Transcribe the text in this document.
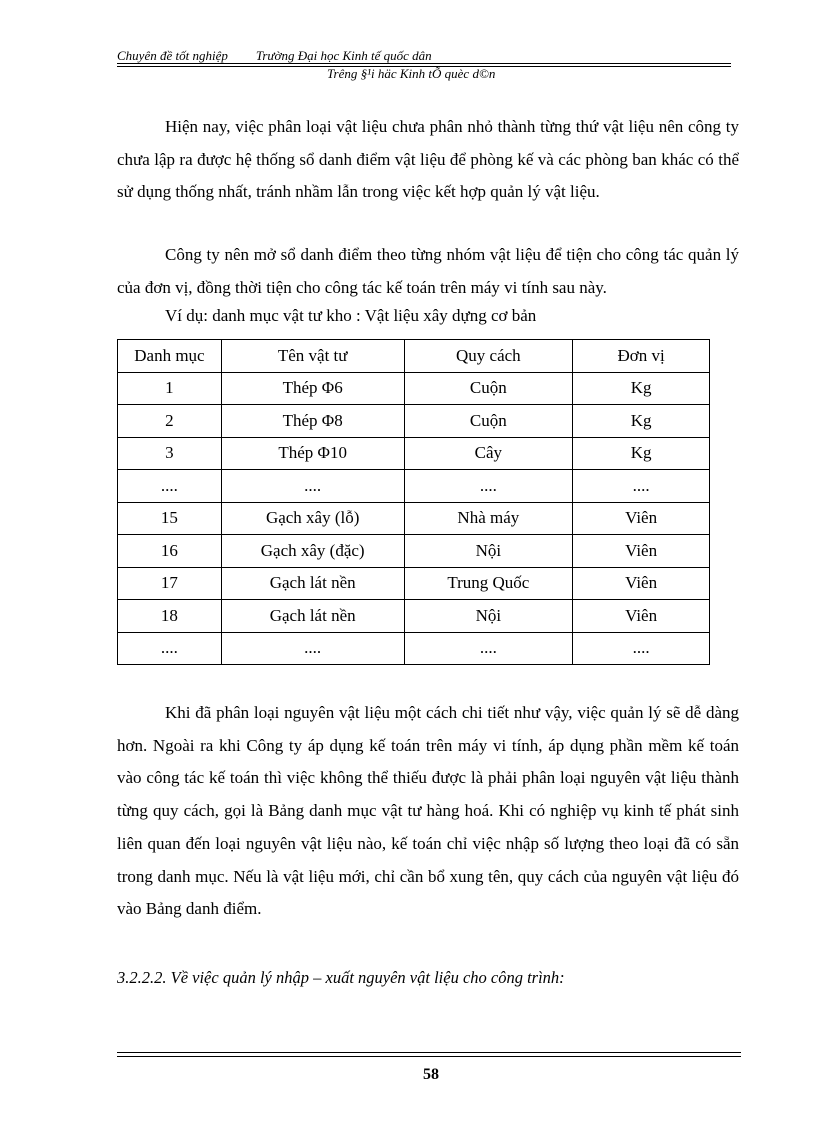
Chuyên đề tốt nghiệp Trường Đại học Kinh tế quốc dân
Trêng §¹i häc Kinh tÕ quèc d©n

Hiện nay, việc phân loại vật liệu chưa phân nhỏ thành từng thứ vật liệu nên công ty chưa lập ra được hệ thống sổ danh điểm vật liệu để phòng kế và các phòng ban khác có thể sử dụng thống nhất, tránh nhầm lẫn trong việc kết hợp quản lý vật liệu.

Công ty nên mở sổ danh điểm theo từng nhóm vật liệu để tiện cho công tác quản lý của đơn vị, đồng thời tiện cho công tác kế toán trên máy vi tính sau này.

Ví dụ: danh mục vật tư kho : Vật liệu xây dựng cơ bản

Danh mục	Tên vật tư	Quy cách	Đơn vị
1	Thép Φ6	Cuộn	Kg
2	Thép Φ8	Cuộn	Kg
3	Thép Φ10	Cây	Kg
....	....	....	....
15	Gạch xây (lỗ)	Nhà máy	Viên
16	Gạch xây (đặc)	Nội	Viên
17	Gạch lát nền	Trung Quốc	Viên
18	Gạch lát nền	Nội	Viên
....	....	....	....

Khi đã phân loại nguyên vật liệu một cách chi tiết như vậy, việc quản lý sẽ dễ dàng hơn. Ngoài ra khi Công ty áp dụng kế toán trên máy vi tính, áp dụng phần mềm kế toán vào công tác kế toán thì việc không thể thiếu được là phải phân loại nguyên vật liệu thành từng quy cách, gọi là Bảng danh mục vật tư hàng hoá. Khi có nghiệp vụ kinh tế phát sinh liên quan đến loại nguyên vật liệu nào, kế toán chỉ việc nhập số lượng theo loại đã có sẵn trong danh mục. Nếu là vật liệu mới, chỉ cần bổ xung tên, quy cách của nguyên vật liệu đó vào Bảng danh điểm.

3.2.2.2. Về việc quản lý nhập – xuất nguyên vật liệu cho công trình:

58
